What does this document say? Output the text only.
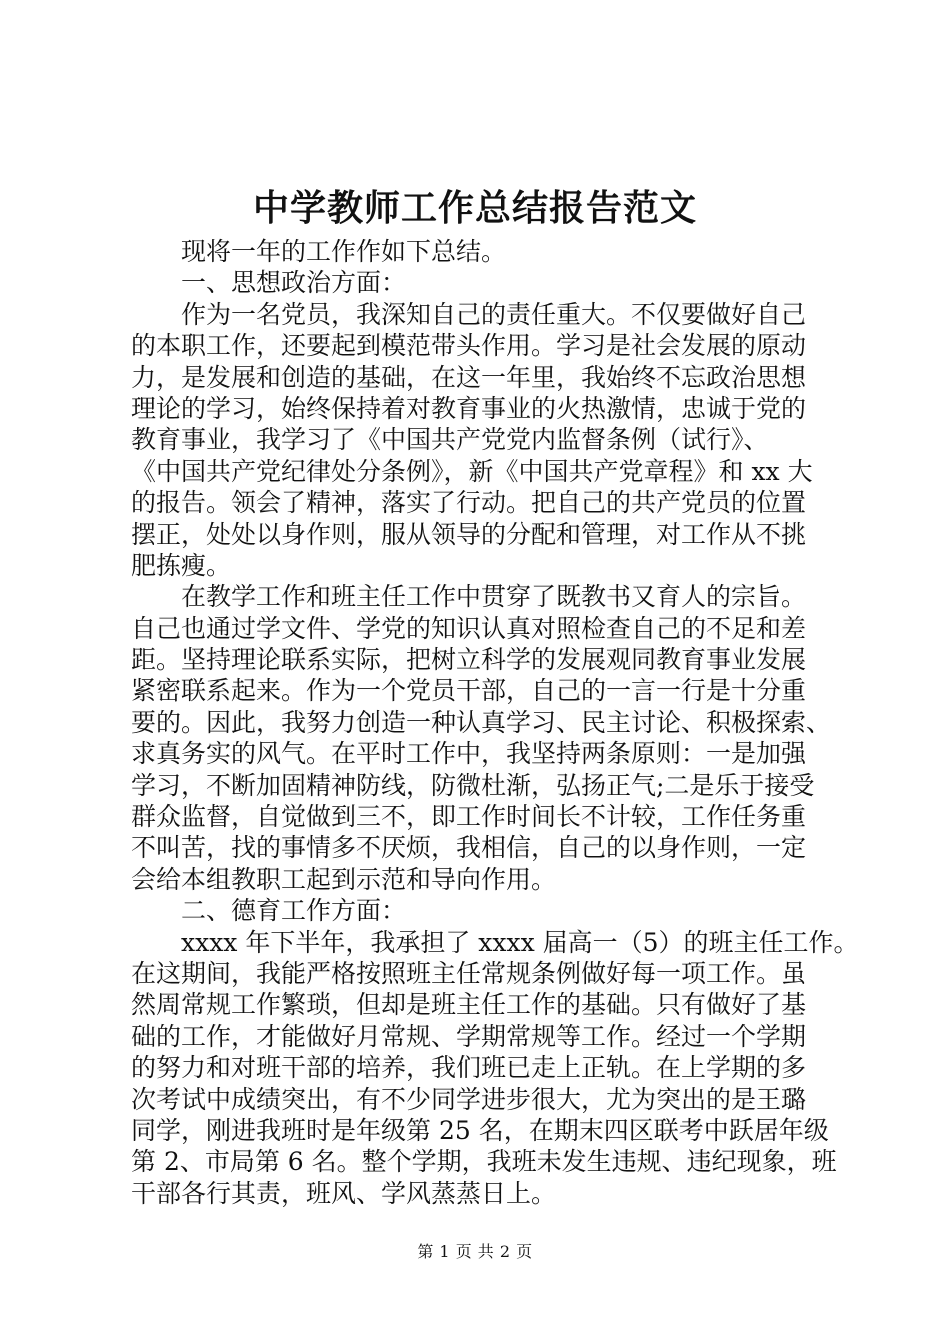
中学教师工作总结报告范文
现将一年的工作作如下总结。
一、思想政治方面：
作为一名党员，我深知自己的责任重大。不仅要做好自己
的本职工作，还要起到模范带头作用。学习是社会发展的原动
力，是发展和创造的基础，在这一年里，我始终不忘政治思想
理论的学习，始终保持着对教育事业的火热激情，忠诚于党的
教育事业，我学习了《中国共产党党内监督条例（试行》、
《中国共产党纪律处分条例》，新《中国共产党章程》和 xx 大
的报告。领会了精神，落实了行动。把自己的共产党员的位置
摆正，处处以身作则，服从领导的分配和管理，对工作从不挑
肥拣瘦。
在教学工作和班主任工作中贯穿了既教书又育人的宗旨。
自己也通过学文件、学党的知识认真对照检查自己的不足和差
距。坚持理论联系实际，把树立科学的发展观同教育事业发展
紧密联系起来。作为一个党员干部，自己的一言一行是十分重
要的。因此，我努力创造一种认真学习、民主讨论、积极探索、
求真务实的风气。在平时工作中，我坚持两条原则：一是加强
学习，不断加固精神防线，防微杜渐，弘扬正气;二是乐于接受
群众监督，自觉做到三不，即工作时间长不计较，工作任务重
不叫苦，找的事情多不厌烦，我相信，自己的以身作则，一定
会给本组教职工起到示范和导向作用。
二、德育工作方面：
xxxx 年下半年，我承担了 xxxx 届高一（5）的班主任工作。
在这期间，我能严格按照班主任常规条例做好每一项工作。虽
然周常规工作繁琐，但却是班主任工作的基础。只有做好了基
础的工作，才能做好月常规、学期常规等工作。经过一个学期
的努力和对班干部的培养，我们班已走上正轨。在上学期的多
次考试中成绩突出，有不少同学进步很大，尤为突出的是王璐
同学，刚进我班时是年级第 25 名，在期末四区联考中跃居年级
第 2、市局第 6 名。整个学期，我班未发生违规、违纪现象，班
干部各行其责，班风、学风蒸蒸日上。
第 1 页 共 2 页
